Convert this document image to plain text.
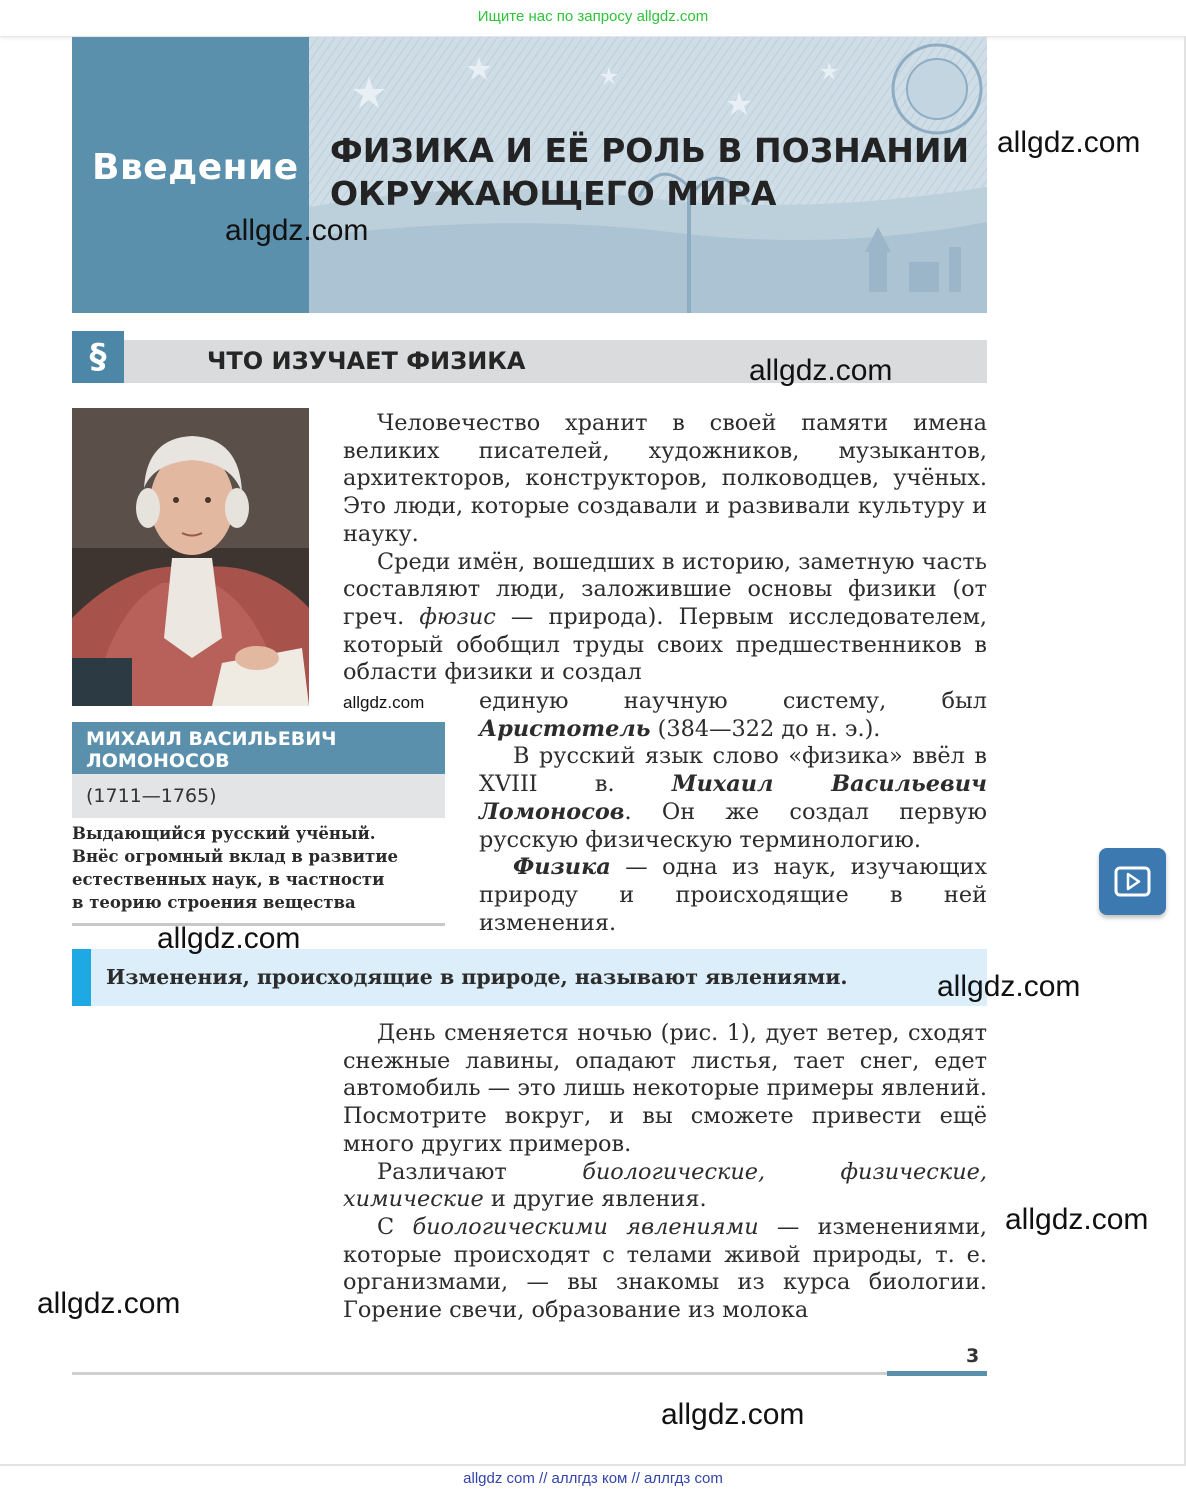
Ищите нас по запросу allgdz.com
Введение ФИЗИКА И ЕЁ РОЛЬ В ПОЗНАНИИ
ОКРУЖАЮЩЕГО МИРА
§	ЧТО ИЗУЧАЕТ ФИЗИКА
allgdz.com
МИХАИЛ ВАСИЛЬЕВИЧ
ЛОМОНОСОВ
(1711—1765)
Выдающийся русский учёный.
Внёс огромный вклад в развитие
естественных наук, в частности
в теорию строения вещества

Человечество хранит в своей памяти имена великих писателей, художников, музыкантов, архитекторов, конструкторов, полководцев, учёных. Это люди, которые создавали и развивали культуру и науку.

Среди имён, вошедших в историю, заметную часть составляют люди, заложившие основы физики (от греч. фюзис — природа). Первым исследователем, который обобщил труды своих предшественников в области физики и создал

единую научную систему, был Аристотель (384—322 до н. э.).

В русский язык слово «физика» ввёл в XVIII в. Михаил Васильевич Ломоносов. Он же создал первую русскую физическую терминологию.

Физика — одна из наук, изучающих природу и происходящие в ней изменения.

Изменения, происходящие в природе, называют явлениями.

День сменяется ночью (рис. 1), дует ветер, сходят снежные лавины, опадают листья, тает снег, едет автомобиль — это лишь некоторые примеры явлений. Посмотрите вокруг, и вы сможете привести ещё много других примеров.

Различают биологические, физические, химические и другие явления.

С биологическими явлениями — изменениями, которые происходят с телами живой природы, т. е. организмами, — вы знакомы из курса биологии. Горение свечи, образование из молока

3
allgdz.com
allgdz.com
allgdz.com
allgdz.com
allgdz.com
allgdz.com
allgdz.com
allgdz.com
allgdz com // аллгдз ком // аллгдз com
